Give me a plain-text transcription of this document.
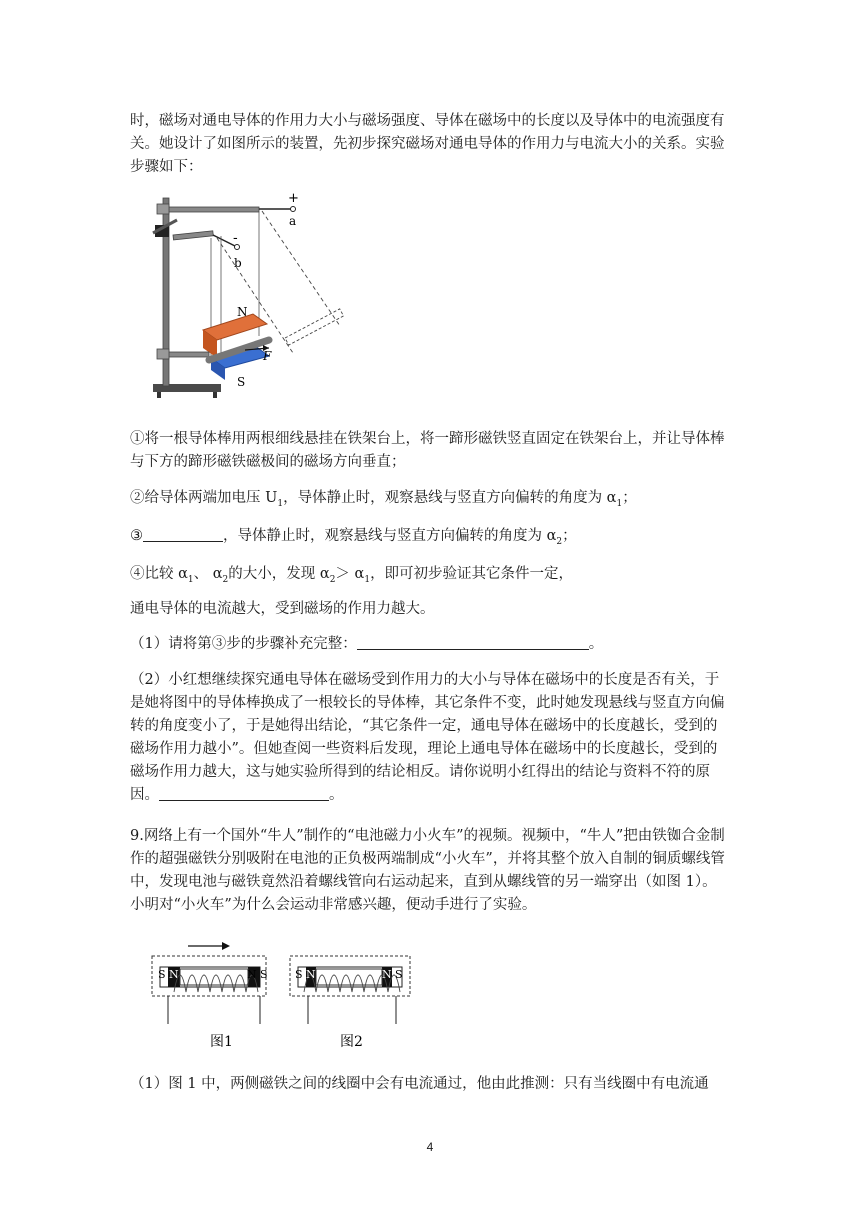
时，磁场对通电导体的作用力大小与磁场强度、导体在磁场中的长度以及导体中的电流强度有关。她设计了如图所示的装置，先初步探究磁场对通电导体的作用力与电流大小的关系。实验步骤如下：

+
a
-
b
N
S
F

①将一根导体棒用两根细线悬挂在铁架台上，将一蹄形磁铁竖直固定在铁架台上，并让导体棒与下方的蹄形磁铁磁极间的磁场方向垂直；

②给导体两端加电压 $U_1$，导体静止时，观察悬线与竖直方向偏转的角度为 $\alpha_1$；

③	，导体静止时，观察悬线与竖直方向偏转的角度为 $\alpha_2$；

④比较 $\alpha_1$、 $\alpha_2$的大小，发现 $\alpha_2> \alpha_1$，即可初步验证其它条件一定，

通电导体的电流越大，受到磁场的作用力越大。

（1）请将第③步的步骤补充完整：	。

（2）小红想继续探究通电导体在磁场受到作用力的大小与导体在磁场中的长度是否有关，于是她将图中的导体棒换成了一根较长的导体棒，其它条件不变，此时她发现悬线与竖直方向偏转的角度变小了，于是她得出结论，“其它条件一定，通电导体在磁场中的长度越长，受到的磁场作用力越小”。但她查阅一些资料后发现，理论上通电导体在磁场中的长度越长，受到的磁场作用力越大，这与她实验所得到的结论相反。请你说明小红得出的结论与资料不符的原因。	。

9.网络上有一个国外“牛人”制作的“电池磁力小火车”的视频。视频中，“牛人”把由铁铷合金制作的超强磁铁分别吸附在电池的正负极两端制成“小火车”，并将其整个放入自制的铜质螺线管中，发现电池与磁铁竟然沿着螺线管向右运动起来，直到从螺线管的另一端穿出（如图 1）。小明对“小火车”为什么会运动非常感兴趣，便动手进行了实验。

S N	N S
图1
S N	N S
图2

（1）图 1 中，两侧磁铁之间的线圈中会有电流通过，他由此推测：只有当线圈中有电流通

4
